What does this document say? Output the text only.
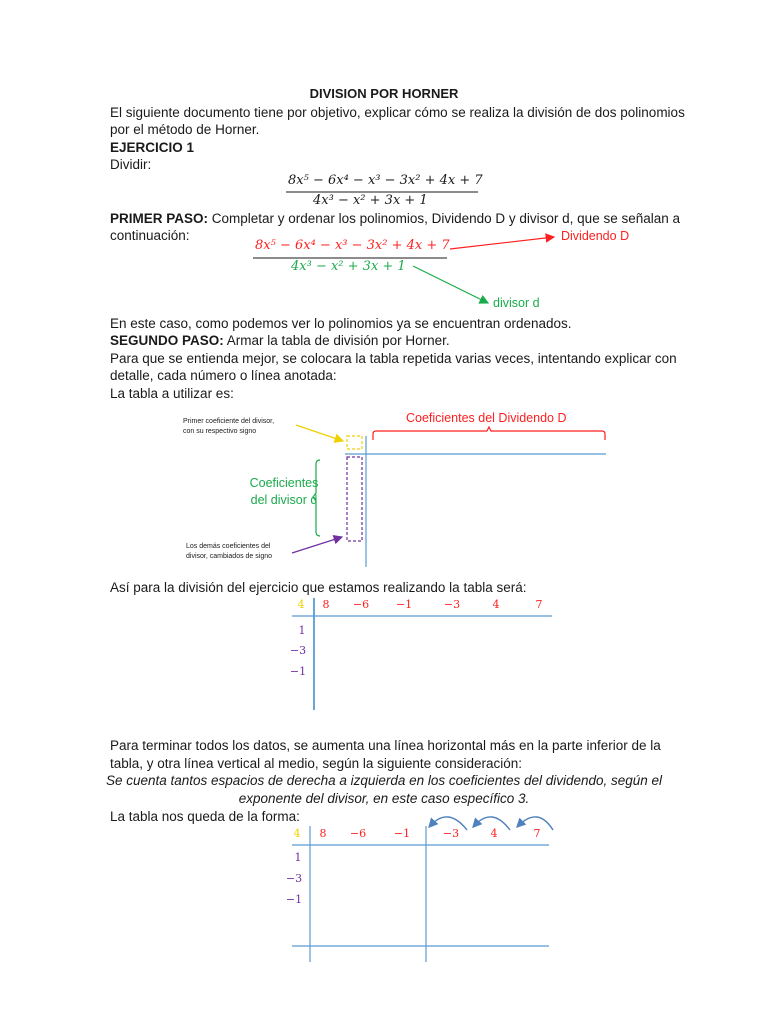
DIVISION POR HORNER
El siguiente documento tiene por objetivo, explicar cómo se realiza la división de dos polinomios
por el método de Horner.
EJERCICIO 1
Dividir:
8x⁵ − 6x⁴ − x³ − 3x² + 4x + 7
4x³ − x² + 3x + 1
PRIMER PASO: Completar y ordenar los polinomios, Dividendo D y divisor d, que se señalan a
continuación:
8x⁵ − 6x⁴ − x³ − 3x² + 4x + 7
4x³ − x² + 3x + 1
Dividendo D
divisor d
En este caso, como podemos ver lo polinomios ya se encuentran ordenados.
SEGUNDO PASO: Armar la tabla de división por Horner.
Para que se entienda mejor, se colocara la tabla repetida varias veces, intentando explicar con
detalle, cada número o línea anotada:
La tabla a utilizar es:
Primer coeficiente del divisor,
con su respectivo signo
Coeficientes del Dividendo D
Coeficientes
del divisor d
Los demás coeficientes del
divisor, cambiados de signo
Así para la división del ejercicio que estamos realizando la tabla será:
4 8 −6 −1	−3	4	7
1
−3
−1
Para terminar todos los datos, se aumenta una línea horizontal más en la parte inferior de la
tabla, y otra línea vertical al medio, según la siguiente consideración:
Se cuenta tantos espacios de derecha a izquierda en los coeficientes del dividendo, según el
exponente del divisor, en este caso específico 3.
La tabla nos queda de la forma:
4 8 −6	−1	−3	4	7
1
−3
−1
